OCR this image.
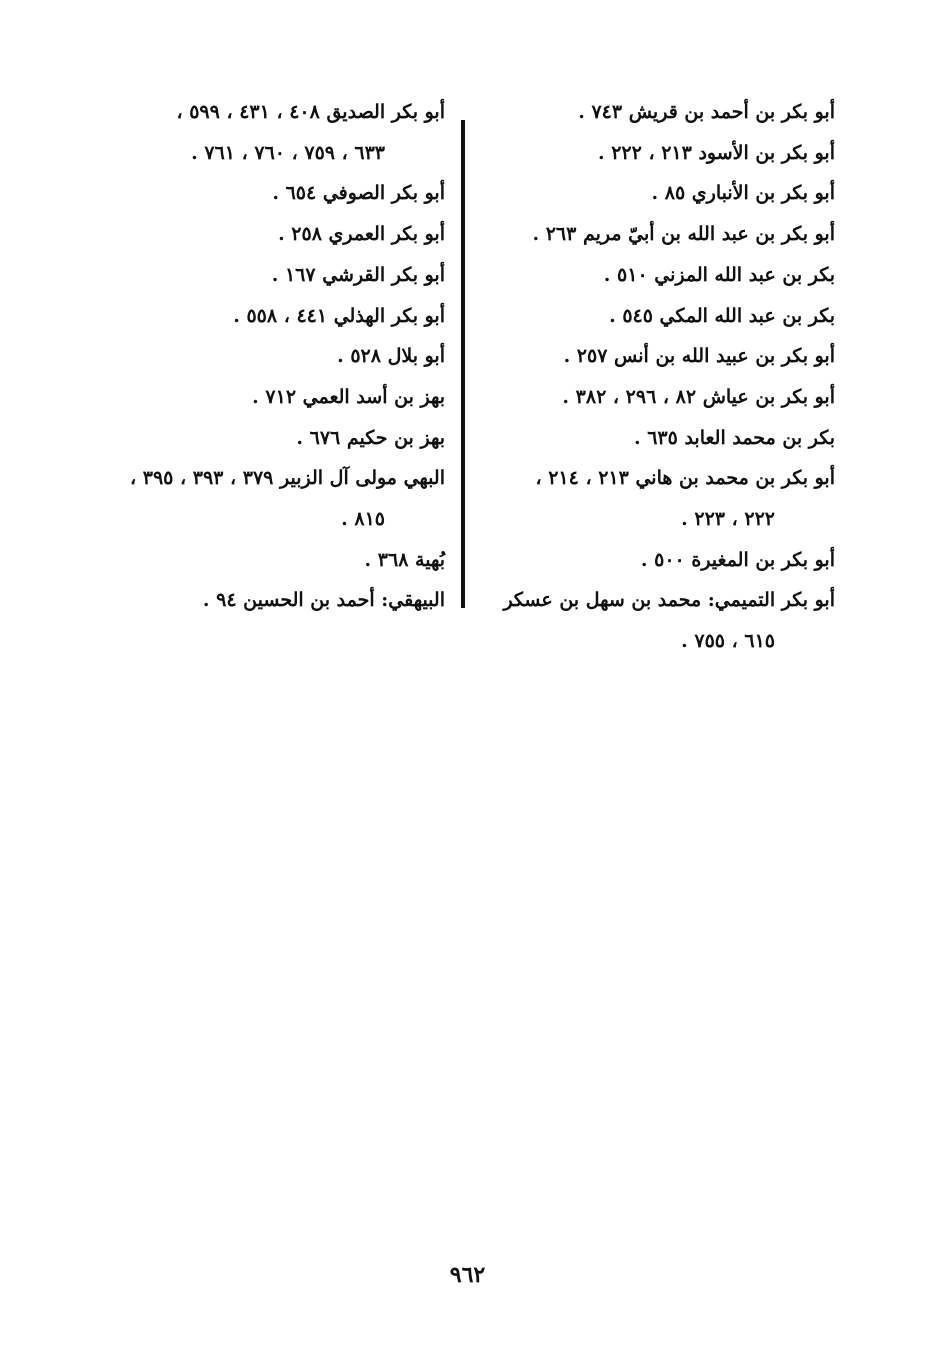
أبو بكر بن أحمد بن قريش ٧٤٣ .
أبو بكر بن الأسود ٢١٣ ، ٢٢٢ .
أبو بكر بن الأنباري ٨٥ .
أبو بكر بن عبد الله بن أبيّ مريم ٢٦٣ .
بكر بن عبد الله المزني ٥١٠ .
بكر بن عبد الله المكي ٥٤٥ .
أبو بكر بن عبيد الله بن أنس ٢٥٧ .
أبو بكر بن عياش ٨٢ ، ٢٩٦ ، ٣٨٢ .
بكر بن محمد العابد ٦٣٥ .
أبو بكر بن محمد بن هاني ٢١٣ ، ٢١٤ ،
٢٢٢ ، ٢٢٣ .
أبو بكر بن المغيرة ٥٠٠ .
أبو بكر التميمي: محمد بن سهل بن عسكر
٦١٥ ، ٧٥٥ .
أبو بكر الصديق ٤٠٨ ، ٤٣١ ، ٥٩٩ ،
٦٣٣ ، ٧٥٩ ، ٧٦٠ ، ٧٦١ .
أبو بكر الصوفي ٦٥٤ .
أبو بكر العمري ٢٥٨ .
أبو بكر القرشي ١٦٧ .
أبو بكر الهذلي ٤٤١ ، ٥٥٨ .
أبو بلال ٥٢٨ .
بهز بن أسد العمي ٧١٢ .
بهز بن حكيم ٦٧٦ .
البهي مولى آل الزبير ٣٧٩ ، ٣٩٣ ، ٣٩٥ ،
٨١٥ .
بُهية ٣٦٨ .
البيهقي: أحمد بن الحسين ٩٤ .
٩٦٢
